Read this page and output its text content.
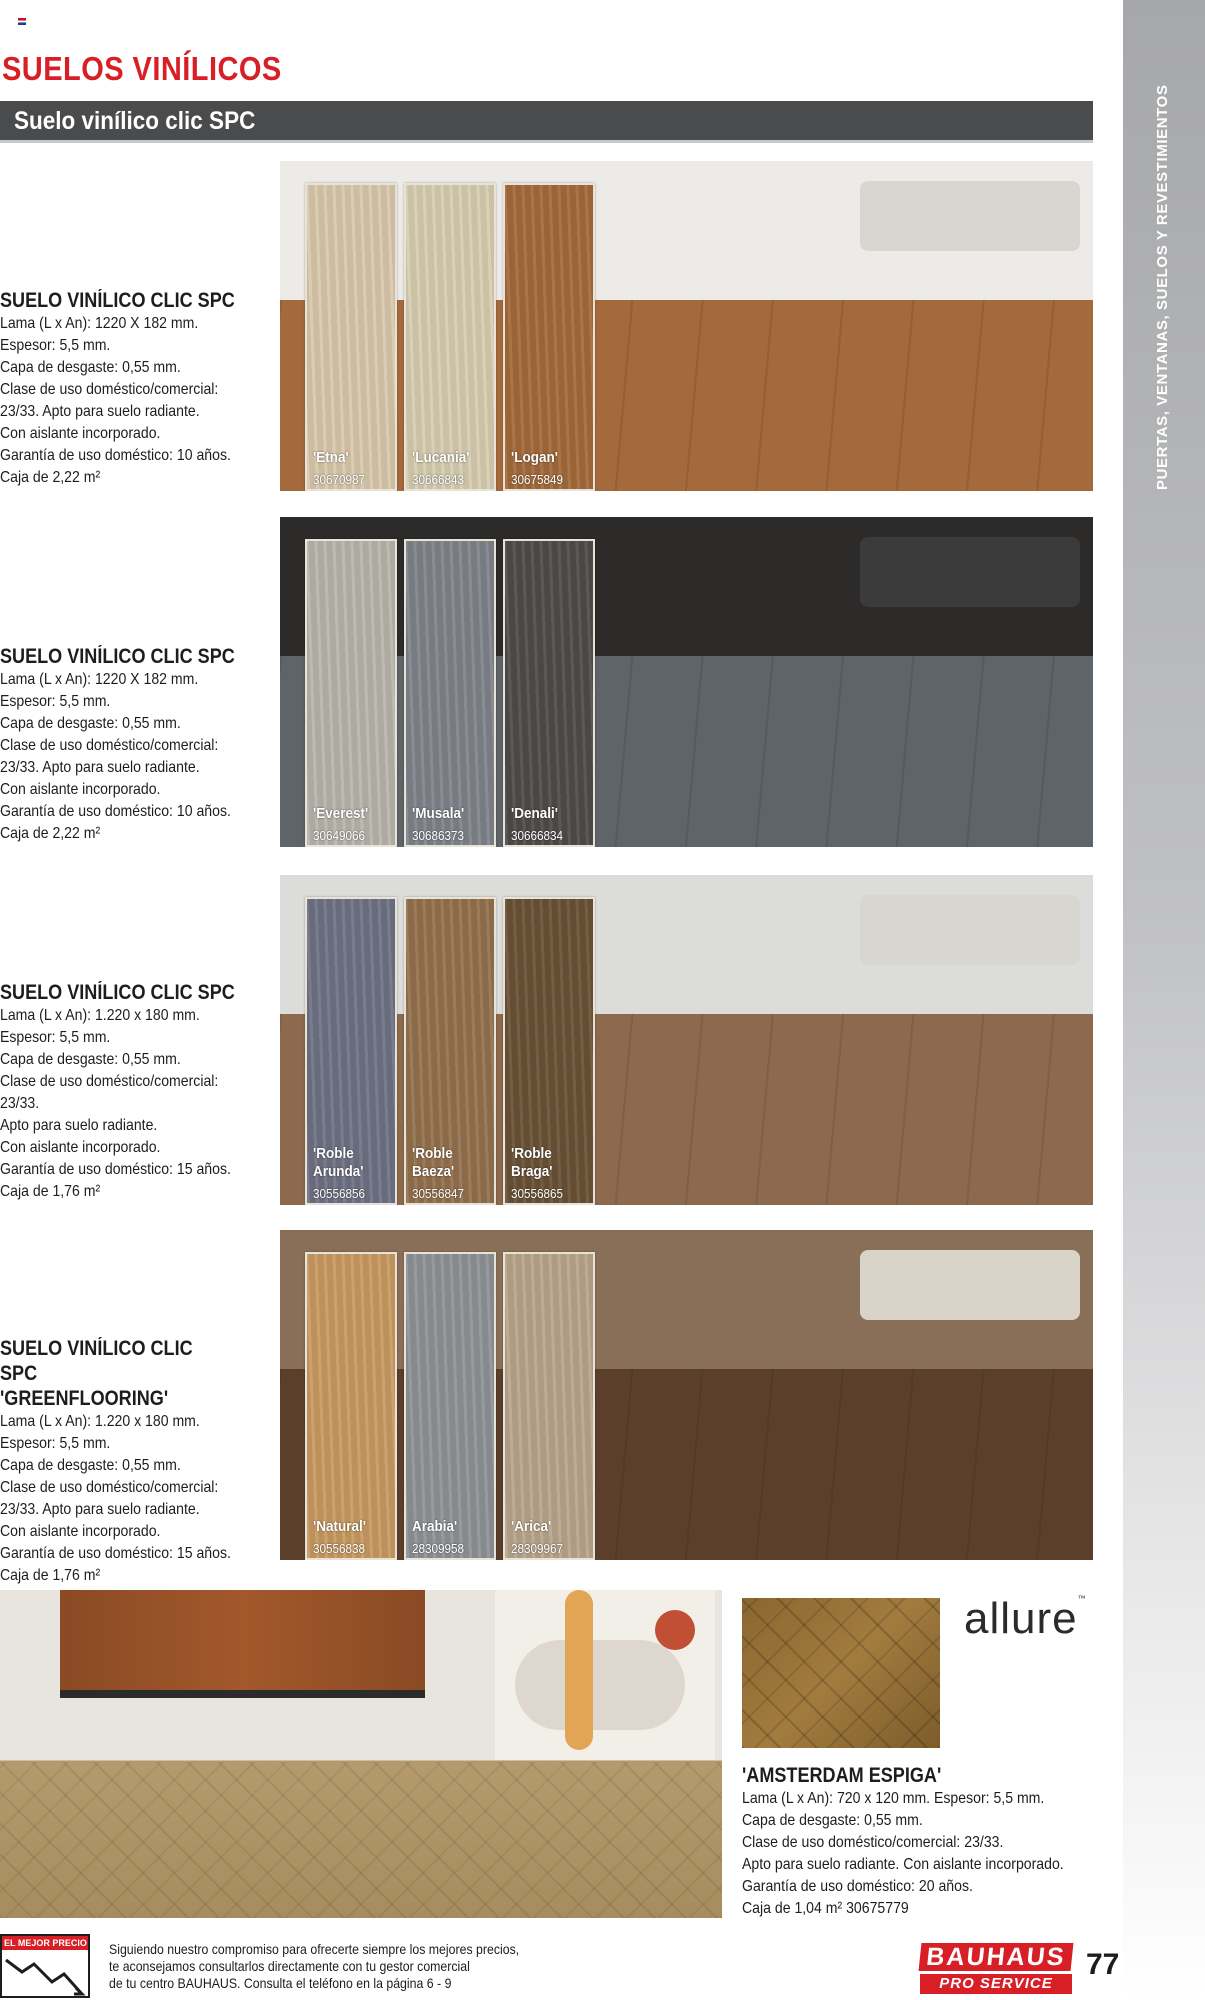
SUELOS VINÍLICOS
Suelo vinílico clic SPC	PUERTAS, VENTANAS, SUELOS Y REVESTIMIENTOS
SUELO VINÍLICO CLIC SPC

Lama (L x An): 1220 X 182 mm.

Espesor: 5,5 mm.

Capa de desgaste: 0,55 mm.

Clase de uso doméstico/comercial:

23/33. Apto para suelo radiante.

Con aislante incorporado.

Garantía de uso doméstico: 10 años.

Caja de 2,22 m²

'Etna'
30670987
'Lucania'
30666843
'Logan'
30675849
SUELO VINÍLICO CLIC SPC

Lama (L x An): 1220 X 182 mm.

Espesor: 5,5 mm.

Capa de desgaste: 0,55 mm.

Clase de uso doméstico/comercial:

23/33. Apto para suelo radiante.

Con aislante incorporado.

Garantía de uso doméstico: 10 años.

Caja de 2,22 m²

'Everest'
30649066
'Musala'
30686373
'Denali'
30666834
SUELO VINÍLICO CLIC SPC

Lama (L x An): 1.220 x 180 mm.

Espesor: 5,5 mm.

Capa de desgaste: 0,55 mm.

Clase de uso doméstico/comercial:

23/33.

Apto para suelo radiante.

Con aislante incorporado.

Garantía de uso doméstico: 15 años.

Caja de 1,76 m²

'Roble Arunda'
30556856
'Roble Baeza'
30556847
'Roble Braga'
30556865
SUELO VINÍLICO CLIC SPC 'GREENFLOORING'

Lama (L x An): 1.220 x 180 mm.

Espesor: 5,5 mm.

Capa de desgaste: 0,55 mm.

Clase de uso doméstico/comercial:

23/33. Apto para suelo radiante.

Con aislante incorporado.

Garantía de uso doméstico: 15 años.

Caja de 1,76 m²

'Natural'
30556838
Arabia'
28309958
'Arica'
28309967
allure™
'AMSTERDAM ESPIGA'

Lama (L x An): 720 x 120 mm. Espesor: 5,5 mm.

Capa de desgaste: 0,55 mm.

Clase de uso doméstico/comercial: 23/33.

Apto para suelo radiante. Con aislante incorporado.

Garantía de uso doméstico: 20 años.

Caja de 1,04 m² 30675779

EL MEJOR PRECIO Siguiendo nuestro compromiso para ofrecerte siempre los mejores precios,
te aconsejamos consultarlos directamente con tu gestor comercial
de tu centro BAUHAUS. Consulta el teléfono en la página 6 - 9
BAUHAUS
PRO SERVICE
77
